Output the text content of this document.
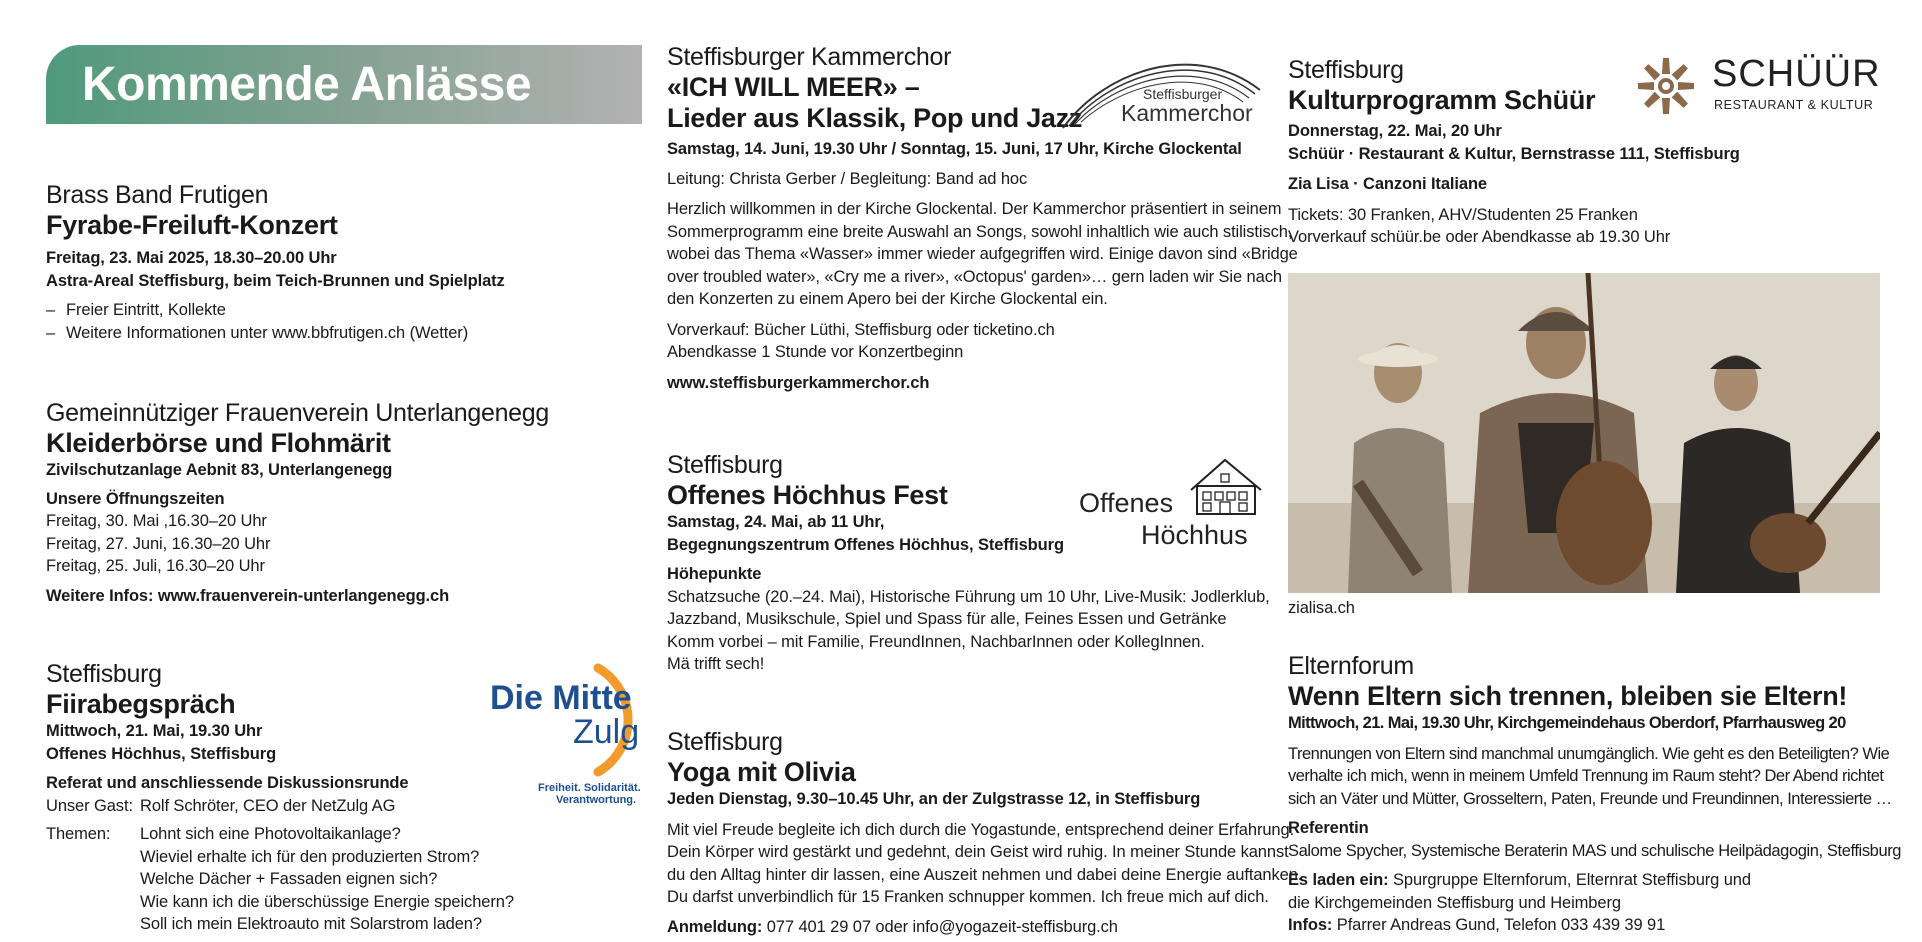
Kommende Anlässe
Brass Band Frutigen
Fyrabe-Freiluft-Konzert
Freitag, 23. Mai 2025, 18.30–20.00 Uhr
Astra-Areal Steffisburg, beim Teich-Brunnen und Spielplatz
– Freier Eintritt, Kollekte
– Weitere Informationen unter www.bbfrutigen.ch (Wetter)
Gemeinnütziger Frauenverein Unterlangenegg
Kleiderbörse und Flohmärit
Zivilschutzanlage Aebnit 83, Unterlangenegg
Unsere Öffnungszeiten
Freitag, 30. Mai ,16.30–20 Uhr
Freitag, 27. Juni, 16.30–20 Uhr
Freitag, 25. Juli, 16.30–20 Uhr
Weitere Infos: www.frauenverein-unterlangenegg.ch
Steffisburg
Fiirabegspräch
Mittwoch, 21. Mai, 19.30 Uhr
Offenes Höchhus, Steffisburg
Referat und anschliessende Diskussionsrunde
Unser Gast: Rolf Schröter, CEO der NetZulg AG
Themen:	Lohnt sich eine Photovoltaikanlage?
Wieviel erhalte ich für den produzierten Strom?
Welche Dächer + Fassaden eignen sich?
Wie kann ich die überschüssige Energie speichern?
Soll ich mein Elektroauto mit Solarstrom laden?
Die Mitte
Zulg
Freiheit. Solidarität.
Verantwortung.
Steffisburger Kammerchor
«ICH WILL MEER» –
Lieder aus Klassik, Pop und Jazz
Samstag, 14. Juni, 19.30 Uhr / Sonntag, 15. Juni, 17 Uhr, Kirche Glockental
Leitung: Christa Gerber / Begleitung: Band ad hoc
Herzlich willkommen in der Kirche Glockental. Der Kammerchor präsentiert in seinem
Sommerprogramm eine breite Auswahl an Songs, sowohl inhaltlich wie auch stilistisch,
wobei das Thema «Wasser» immer wieder aufgegriffen wird. Einige davon sind «Bridge
over troubled water», «Cry me a river», «Octopus' garden»… gern laden wir Sie nach
den Konzerten zu einem Apero bei der Kirche Glockental ein.
Vorverkauf: Bücher Lüthi, Steffisburg oder ticketino.ch
Abendkasse 1 Stunde vor Konzertbeginn
www.steffisburgerkammerchor.ch
Steffisburger
Kammerchor
Steffisburg
Offenes Höchhus Fest
Samstag, 24. Mai, ab 11 Uhr,
Begegnungszentrum Offenes Höchhus, Steffisburg
Höhepunkte
Schatzsuche (20.–24. Mai), Historische Führung um 10 Uhr, Live-Musik: Jodlerklub,
Jazzband, Musikschule, Spiel und Spass für alle, Feines Essen und Getränke
Komm vorbei – mit Familie, FreundInnen, NachbarInnen oder KollegInnen.
Mä trifft sech!
Offenes
Höchhus
Steffisburg
Yoga mit Olivia
Jeden Dienstag, 9.30–10.45 Uhr, an der Zulgstrasse 12, in Steffisburg
Mit viel Freude begleite ich dich durch die Yogastunde, entsprechend deiner Erfahrung.
Dein Körper wird gestärkt und gedehnt, dein Geist wird ruhig. In meiner Stunde kannst
du den Alltag hinter dir lassen, eine Auszeit nehmen und dabei deine Energie auftanken.
Du darfst unverbindlich für 15 Franken schnupper kommen. Ich freue mich auf dich.
Anmeldung: 077 401 29 07 oder info@yogazeit-steffisburg.ch
Steffisburg
Kulturprogramm Schüür
Donnerstag, 22. Mai, 20 Uhr
Schüür · Restaurant & Kultur, Bernstrasse 111, Steffisburg
Zia Lisa · Canzoni Italiane
Tickets: 30 Franken, AHV/Studenten 25 Franken
Vorverkauf schüür.be oder Abendkasse ab 19.30 Uhr
SCHÜÜR
RESTAURANT & KULTUR
zialisa.ch
Elternforum
Wenn Eltern sich trennen, bleiben sie Eltern!
Mittwoch, 21. Mai, 19.30 Uhr, Kirchgemeindehaus Oberdorf, Pfarrhausweg 20
Trennungen von Eltern sind manchmal unumgänglich. Wie geht es den Beteiligten? Wie
verhalte ich mich, wenn in meinem Umfeld Trennung im Raum steht? Der Abend richtet
sich an Väter und Mütter, Grosseltern, Paten, Freunde und Freundinnen, Interessierte …
Referentin
Salome Spycher, Systemische Beraterin MAS und schulische Heilpädagogin, Steffisburg
Es laden ein: Spurgruppe Elternforum, Elternrat Steffisburg und
die Kirchgemeinden Steffisburg und Heimberg
Infos: Pfarrer Andreas Gund, Telefon 033 439 39 91
